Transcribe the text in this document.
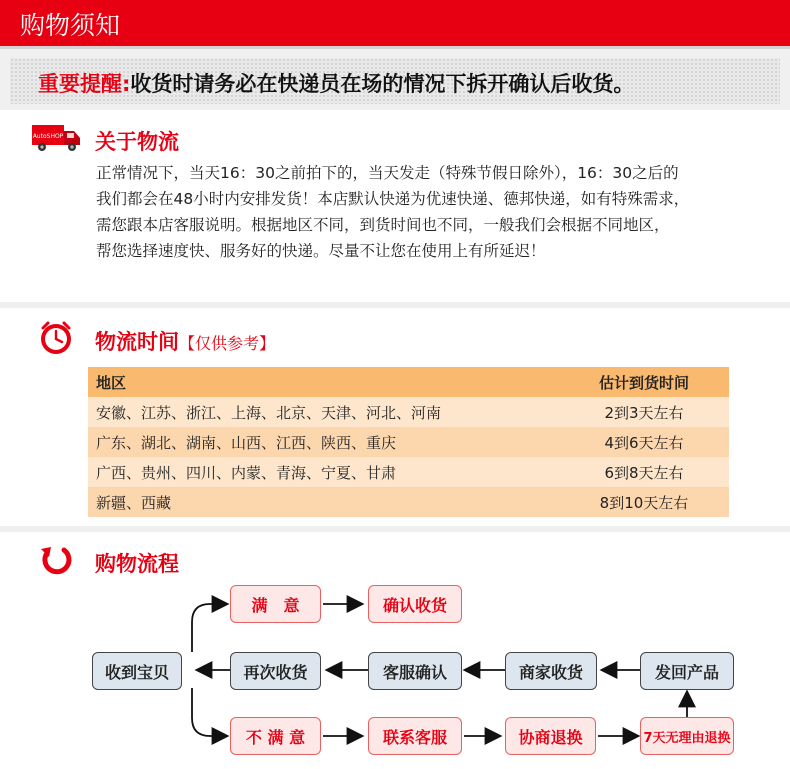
购物须知
重要提醒:收货时请务必在快递员在场的情况下拆开确认后收货。
AutoSHOP 关于物流
正常情况下，当天16：30之前拍下的，当天发走（特殊节假日除外），16：30之后的
我们都会在48小时内安排发货！本店默认快递为优速快递、德邦快递，如有特殊需求，
需您跟本店客服说明。根据地区不同，到货时间也不同，一般我们会根据不同地区，
帮您选择速度快、服务好的快递。尽量不让您在使用上有所延迟！
物流时间【仅供参考】
地区	估计到货时间
安徽、江苏、浙江、上海、北京、天津、河北、河南	2到3天左右
广东、湖北、湖南、山西、江西、陕西、重庆	4到6天左右
广西、贵州、四川、内蒙、青海、宁夏、甘肃	6到8天左右
新疆、西藏	8到10天左右
购物流程
收到宝贝
满　意	确认收货
再次收货	客服确认	商家收货	发回产品
不 满 意	联系客服	协商退换	7天无理由退换
